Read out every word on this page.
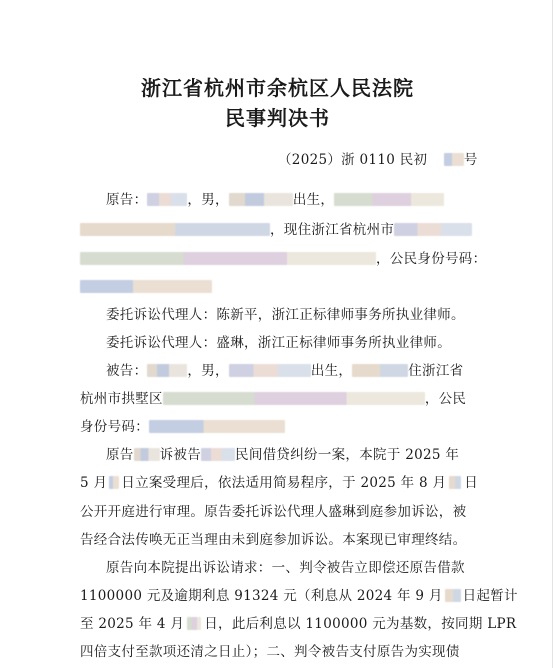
浙江省杭州市余杭区人民法院
民事判决书
（2025）浙 0110 民初	号
原告：	，男，	出生，
，现住浙江省杭州市
，公民身份号码：
委托诉讼代理人：陈新平，浙江正标律师事务所执业律师。
委托诉讼代理人：盛琳，浙江正标律师事务所执业律师。
被告：	，男，	出生，	住浙江省
杭州市拱墅区	，公民
身份号码：
原告 诉被告	民间借贷纠纷一案，本院于 2025 年
5 月 日立案受理后，依法适用简易程序，于 2025 年 8 月 日
公开开庭进行审理。原告委托诉讼代理人盛琳到庭参加诉讼，被
告经合法传唤无正当理由未到庭参加诉讼。本案现已审理终结。
原告向本院提出诉讼请求：一、判令被告立即偿还原告借款
1100000 元及逾期利息 91324 元（利息从 2024 年 9 月 日起暂计
至 2025 年 4 月 日，此后利息以 1100000 元为基数，按同期 LPR
四倍支付至款项还清之日止）；二、判令被告支付原告为实现债
